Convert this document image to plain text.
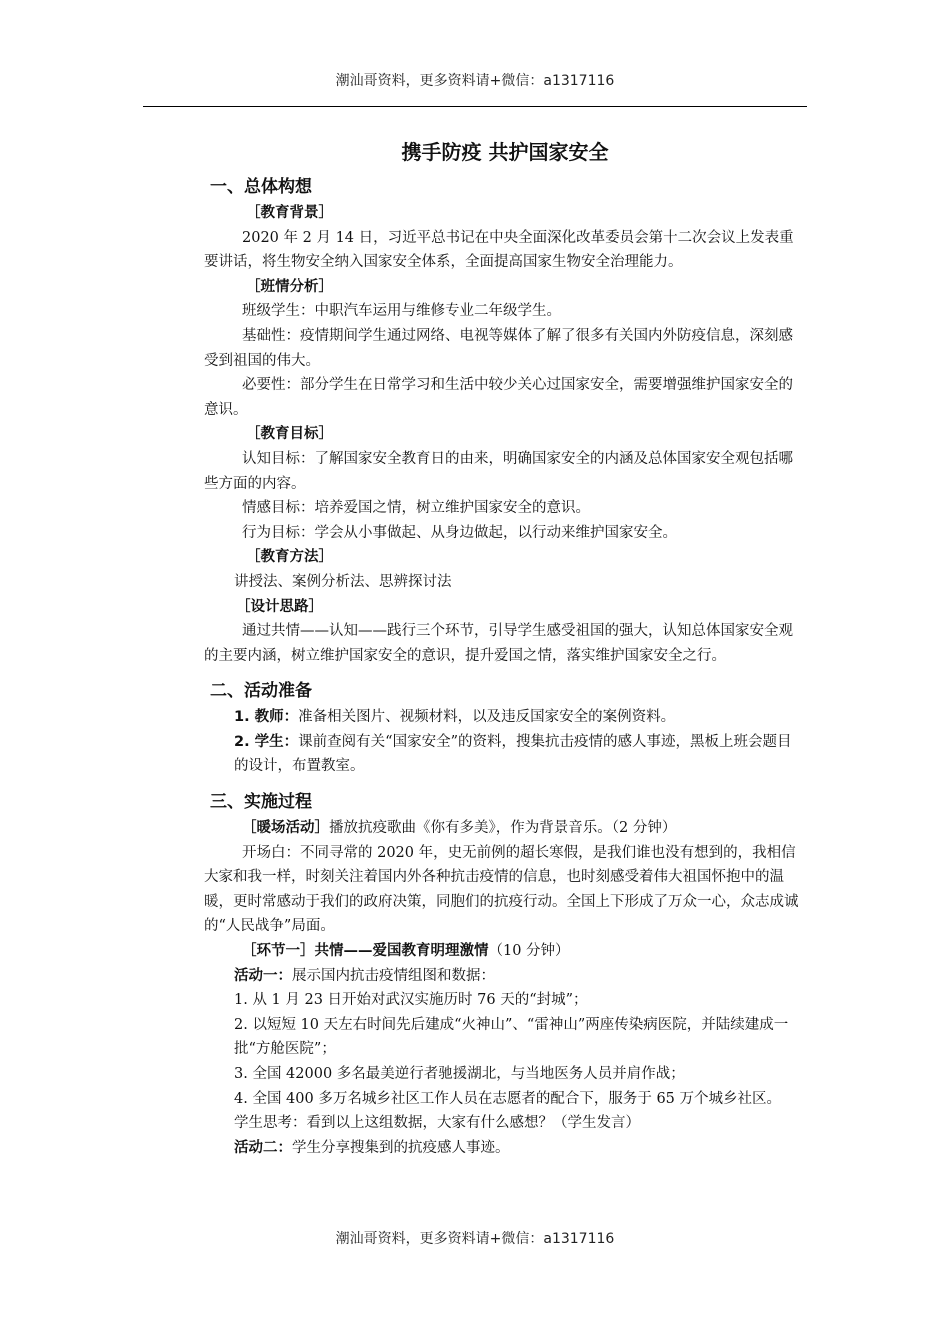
潮汕哥资料，更多资料请+微信：a1317116
携手防疫 共护国家安全
一、总体构想
［教育背景］

2020 年 2 月 14 日，习近平总书记在中央全面深化改革委员会第十二次会议上发表重要讲话，将生物安全纳入国家安全体系，全面提高国家生物安全治理能力。

［班情分析］

班级学生：中职汽车运用与维修专业二年级学生。

基础性：疫情期间学生通过网络、电视等媒体了解了很多有关国内外防疫信息，深刻感受到祖国的伟大。

必要性：部分学生在日常学习和生活中较少关心过国家安全，需要增强维护国家安全的意识。

［教育目标］

认知目标：了解国家安全教育日的由来，明确国家安全的内涵及总体国家安全观包括哪些方面的内容。

情感目标：培养爱国之情，树立维护国家安全的意识。

行为目标：学会从小事做起、从身边做起，以行动来维护国家安全。

［教育方法］

讲授法、案例分析法、思辨探讨法

［设计思路］

通过共情——认知——践行三个环节，引导学生感受祖国的强大，认知总体国家安全观的主要内涵，树立维护国家安全的意识，提升爱国之情，落实维护国家安全之行。

二、活动准备

1. 教师：准备相关图片、视频材料，以及违反国家安全的案例资料。

2. 学生：课前查阅有关“国家安全”的资料，搜集抗击疫情的感人事迹，黑板上班会题目的设计，布置教室。

三、实施过程

［暖场活动］播放抗疫歌曲《你有多美》，作为背景音乐。（2 分钟）

开场白：不同寻常的 2020 年，史无前例的超长寒假，是我们谁也没有想到的，我相信大家和我一样，时刻关注着国内外各种抗击疫情的信息，也时刻感受着伟大祖国怀抱中的温暖，更时常感动于我们的政府决策，同胞们的抗疫行动。全国上下形成了万众一心，众志成诚的“人民战争”局面。

［环节一］共情——爱国教育明理激情（10 分钟）

活动一：展示国内抗击疫情组图和数据：

1. 从 1 月 23 日开始对武汉实施历时 76 天的“封城”；

2. 以短短 10 天左右时间先后建成“火神山”、“雷神山”两座传染病医院，并陆续建成一批“方舱医院”；

3. 全国 42000 多名最美逆行者驰援湖北，与当地医务人员并肩作战；

4. 全国 400 多万名城乡社区工作人员在志愿者的配合下，服务于 65 万个城乡社区。

学生思考：看到以上这组数据，大家有什么感想？（学生发言）

活动二：学生分享搜集到的抗疫感人事迹。

潮汕哥资料，更多资料请+微信：a1317116
